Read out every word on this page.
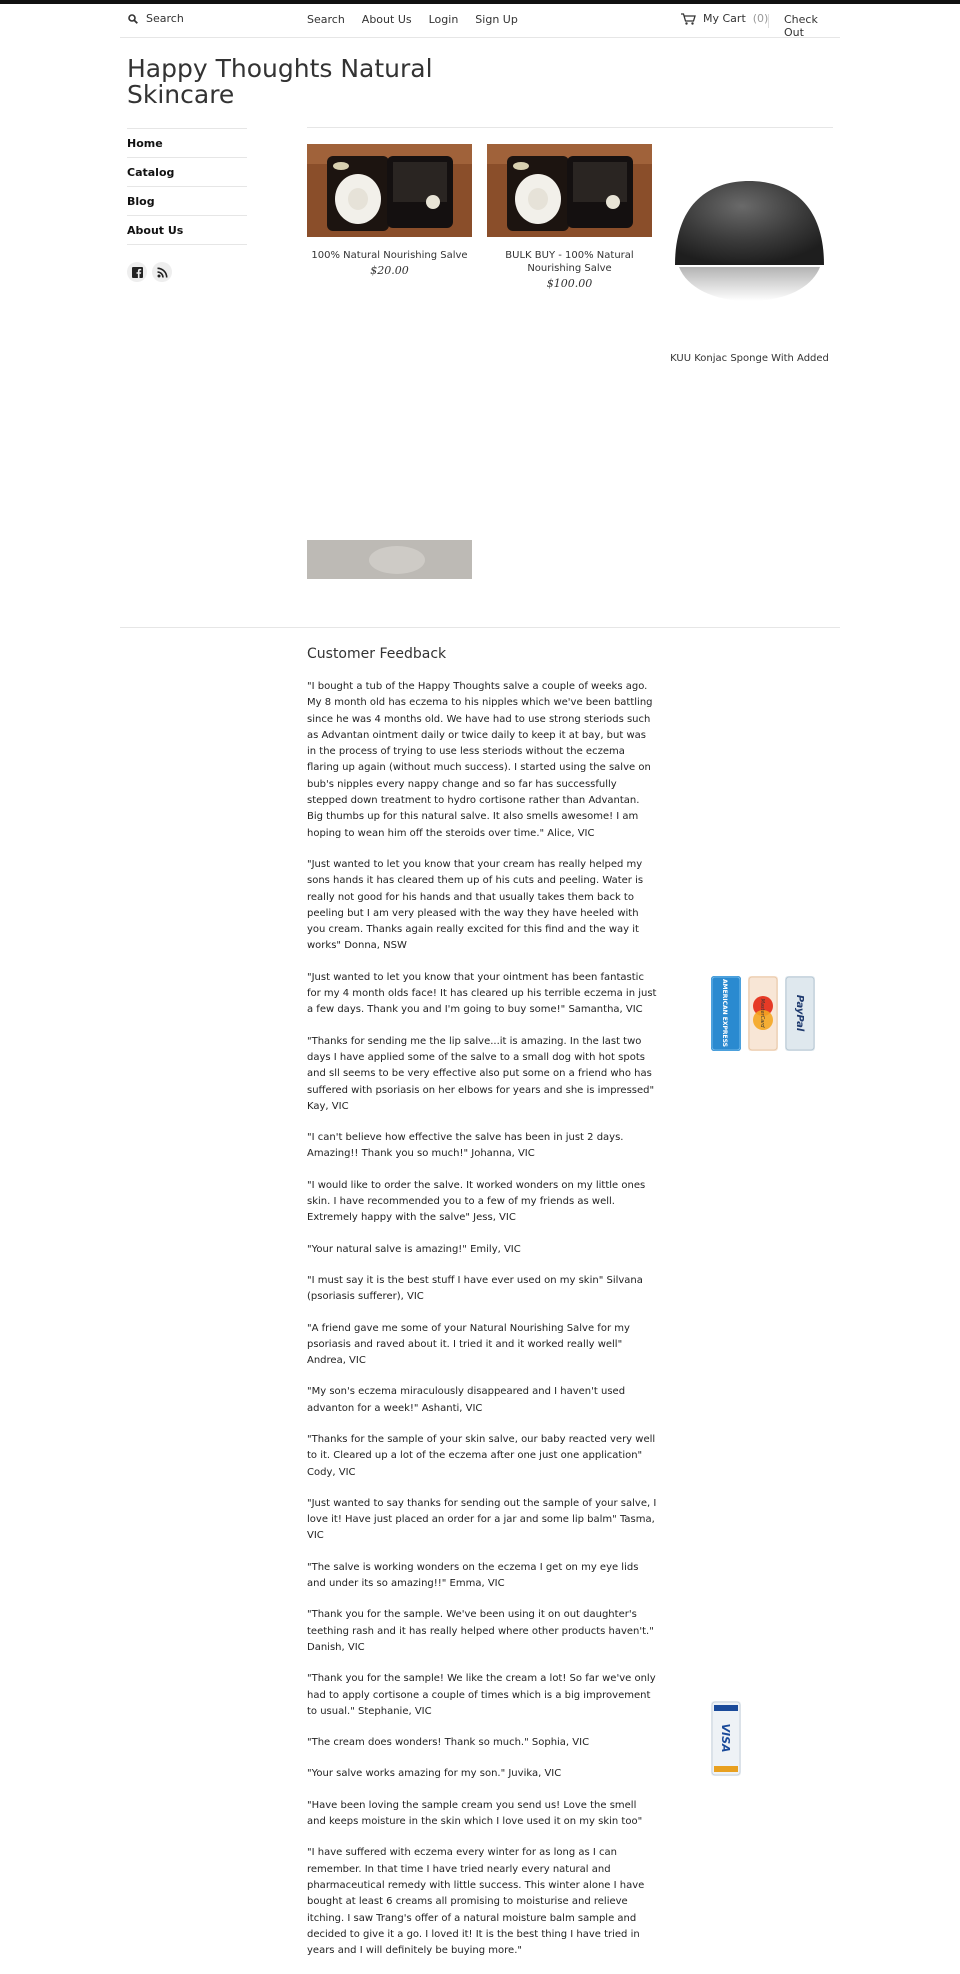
Search
Search About Us Login Sign Up	My Cart (0) Check Out
Happy Thoughts Natural Skincare
Home
Catalog
Blog
About Us
100% Natural Nourishing Salve
$20.00
BULK BUY - 100% Natural Nourishing Salve
$100.00
KUU Konjac Sponge With Added
Customer Feedback

"I bought a tub of the Happy Thoughts salve a couple of weeks ago. My 8 month old has eczema to his nipples which we've been battling since he was 4 months old. We have had to use strong steriods such as Advantan ointment daily or twice daily to keep it at bay, but was in the process of trying to use less steriods without the eczema flaring up again (without much success). I started using the salve on bub's nipples every nappy change and so far has successfully stepped down treatment to hydro cortisone rather than Advantan. Big thumbs up for this natural salve. It also smells awesome! I am hoping to wean him off the steroids over time." Alice, VIC

"Just wanted to let you know that your cream has really helped my sons hands it has cleared them up of his cuts and peeling. Water is really not good for his hands and that usually takes them back to peeling but I am very pleased with the way they have heeled with you cream. Thanks again really excited for this find and the way it works" Donna, NSW

"Just wanted to let you know that your ointment has been fantastic for my 4 month olds face! It has cleared up his terrible eczema in just a few days. Thank you and I'm going to buy some!" Samantha, VIC

"Thanks for sending me the lip salve...it is amazing. In the last two days I have applied some of the salve to a small dog with hot spots and sll seems to be very effective also put some on a friend who has suffered with psoriasis on her elbows for years and she is impressed" Kay, VIC

"I can't believe how effective the salve has been in just 2 days. Amazing!! Thank you so much!" Johanna, VIC

"I would like to order the salve. It worked wonders on my little ones skin. I have recommended you to a few of my friends as well. Extremely happy with the salve" Jess, VIC

"Your natural salve is amazing!" Emily, VIC

"I must say it is the best stuff I have ever used on my skin" Silvana (psoriasis sufferer), VIC

"A friend gave me some of your Natural Nourishing Salve for my psoriasis and raved about it. I tried it and it worked really well" Andrea, VIC

"My son's eczema miraculously disappeared and I haven't used advanton for a week!" Ashanti, VIC

"Thanks for the sample of your skin salve, our baby reacted very well to it. Cleared up a lot of the eczema after one just one application" Cody, VIC

"Just wanted to say thanks for sending out the sample of your salve, I love it! Have just placed an order for a jar and some lip balm" Tasma, VIC

"The salve is working wonders on the eczema I get on my eye lids and under its so amazing!!" Emma, VIC

"Thank you for the sample. We've been using it on out daughter's teething rash and it has really helped where other products haven't." Danish, VIC

"Thank you for the sample! We like the cream a lot! So far we've only had to apply cortisone a couple of times which is a big improvement to usual." Stephanie, VIC

"The cream does wonders! Thank so much." Sophia, VIC

"Your salve works amazing for my son." Juvika, VIC

"Have been loving the sample cream you send us! Love the smell and keeps moisture in the skin which I love used it on my skin too"

"I have suffered with eczema every winter for as long as I can remember. In that time I have tried nearly every natural and pharmaceutical remedy with little success. This winter alone I have bought at least 6 creams all promising to moisturise and relieve itching. I saw Trang's offer of a natural moisture balm sample and decided to give it a go. I loved it! It is the best thing I have tried in years and I will definitely be buying more."

AMERICAN EXPRESS	MasterCard	PayPal
VISA
